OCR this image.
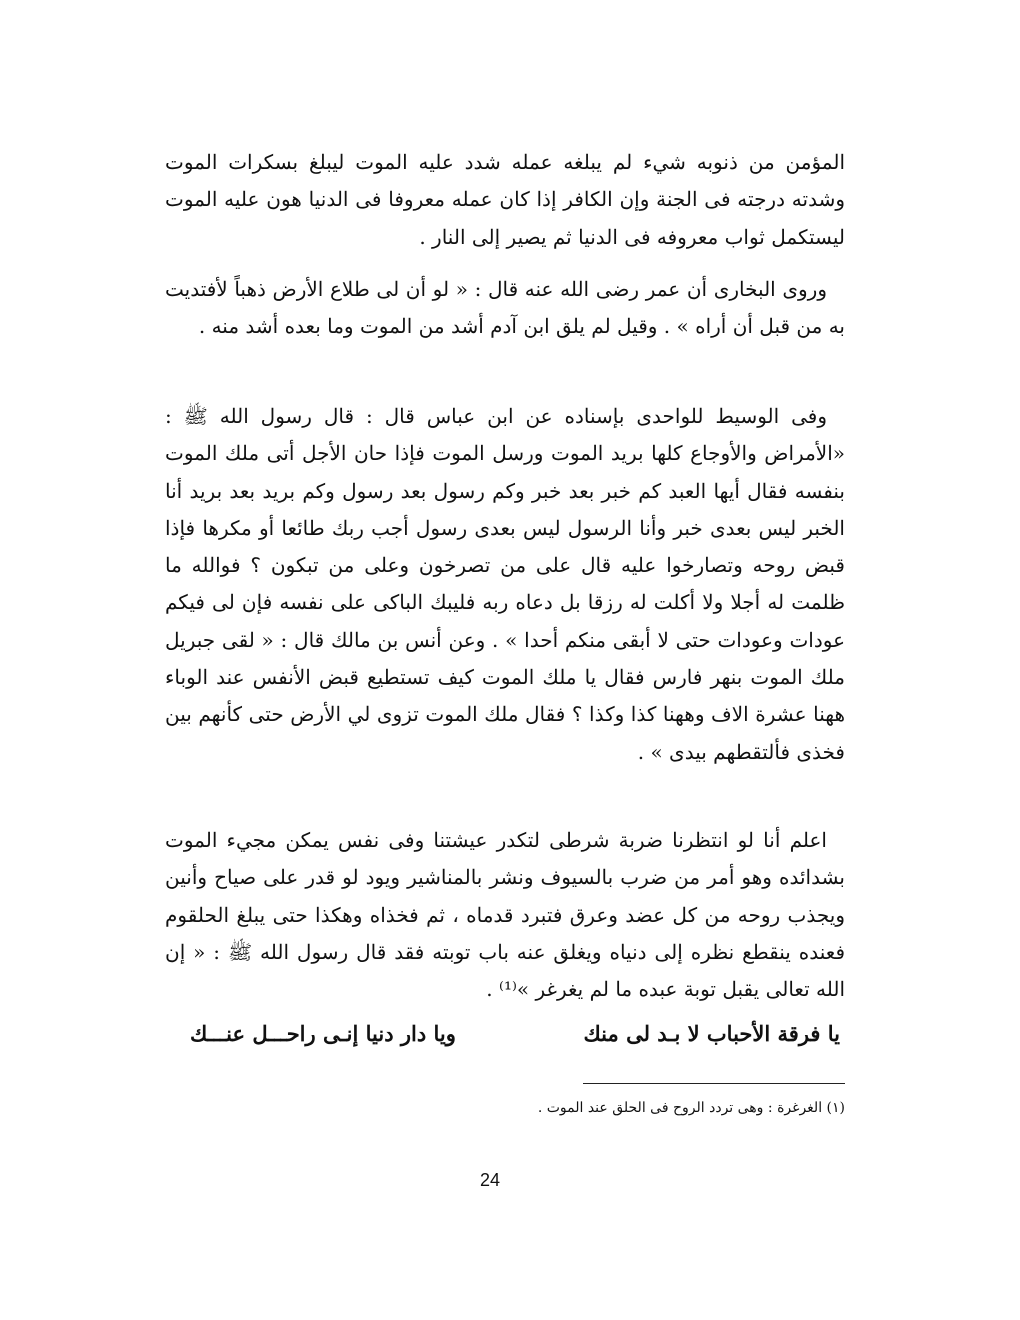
المؤمن من ذنوبه شيء لم يبلغه عمله شدد عليه الموت ليبلغ بسكرات الموت وشدته درجته فى الجنة وإن الكافر إذا كان عمله معروفا فى الدنيا هون عليه الموت ليستكمل ثواب معروفه فى الدنيا ثم يصير إلى النار .

وروى البخارى أن عمر رضى الله عنه قال : « لو أن لى طلاع الأرض ذهباً لأفتديت به من قبل أن أراه » . وقيل لم يلق ابن آدم أشد من الموت وما بعده أشد منه .

وفى الوسيط للواحدى بإسناده عن ابن عباس قال : قال رسول الله ﷺ : «الأمراض والأوجاع كلها بريد الموت ورسل الموت فإذا حان الأجل أتى ملك الموت بنفسه فقال أيها العبد كم خبر بعد خبر وكم رسول بعد رسول وكم بريد بعد بريد أنا الخبر ليس بعدى خبر وأنا الرسول ليس بعدى رسول أجب ربك طائعا أو مكرها فإذا قبض روحه وتصارخوا عليه قال على من تصرخون وعلى من تبكون ؟ فوالله ما ظلمت له أجلا ولا أكلت له رزقا بل دعاه ربه فليبك الباكى على نفسه فإن لى فيكم عودات وعودات حتى لا أبقى منكم أحدا » . وعن أنس بن مالك قال : « لقى جبريل ملك الموت بنهر فارس فقال يا ملك الموت كيف تستطيع قبض الأنفس عند الوباء ههنا عشرة الاف وههنا كذا وكذا ؟ فقال ملك الموت تزوى لي الأرض حتى كأنهم بين فخذى فألتقطهم بيدى » .

اعلم أنا لو انتظرنا ضربة شرطى لتكدر عيشتنا وفى نفس يمكن مجيء الموت بشدائده وهو أمر من ضرب بالسيوف ونشر بالمناشير ويود لو قدر على صياح وأنين ويجذب روحه من كل عضد وعرق فتبرد قدماه ، ثم فخذاه وهكذا حتى يبلغ الحلقوم فعنده ينقطع نظره إلى دنياه ويغلق عنه باب توبته فقد قال رسول الله ﷺ : « إن الله تعالى يقبل توبة عبده ما لم يغرغر »⁽¹⁾ .

يا فرقة الأحباب لا بـد لى منك
ويا دار دنيا إنـى راحـــل عنـــك
(١) الغرغرة : وهى تردد الروح فى الحلق عند الموت .
24
